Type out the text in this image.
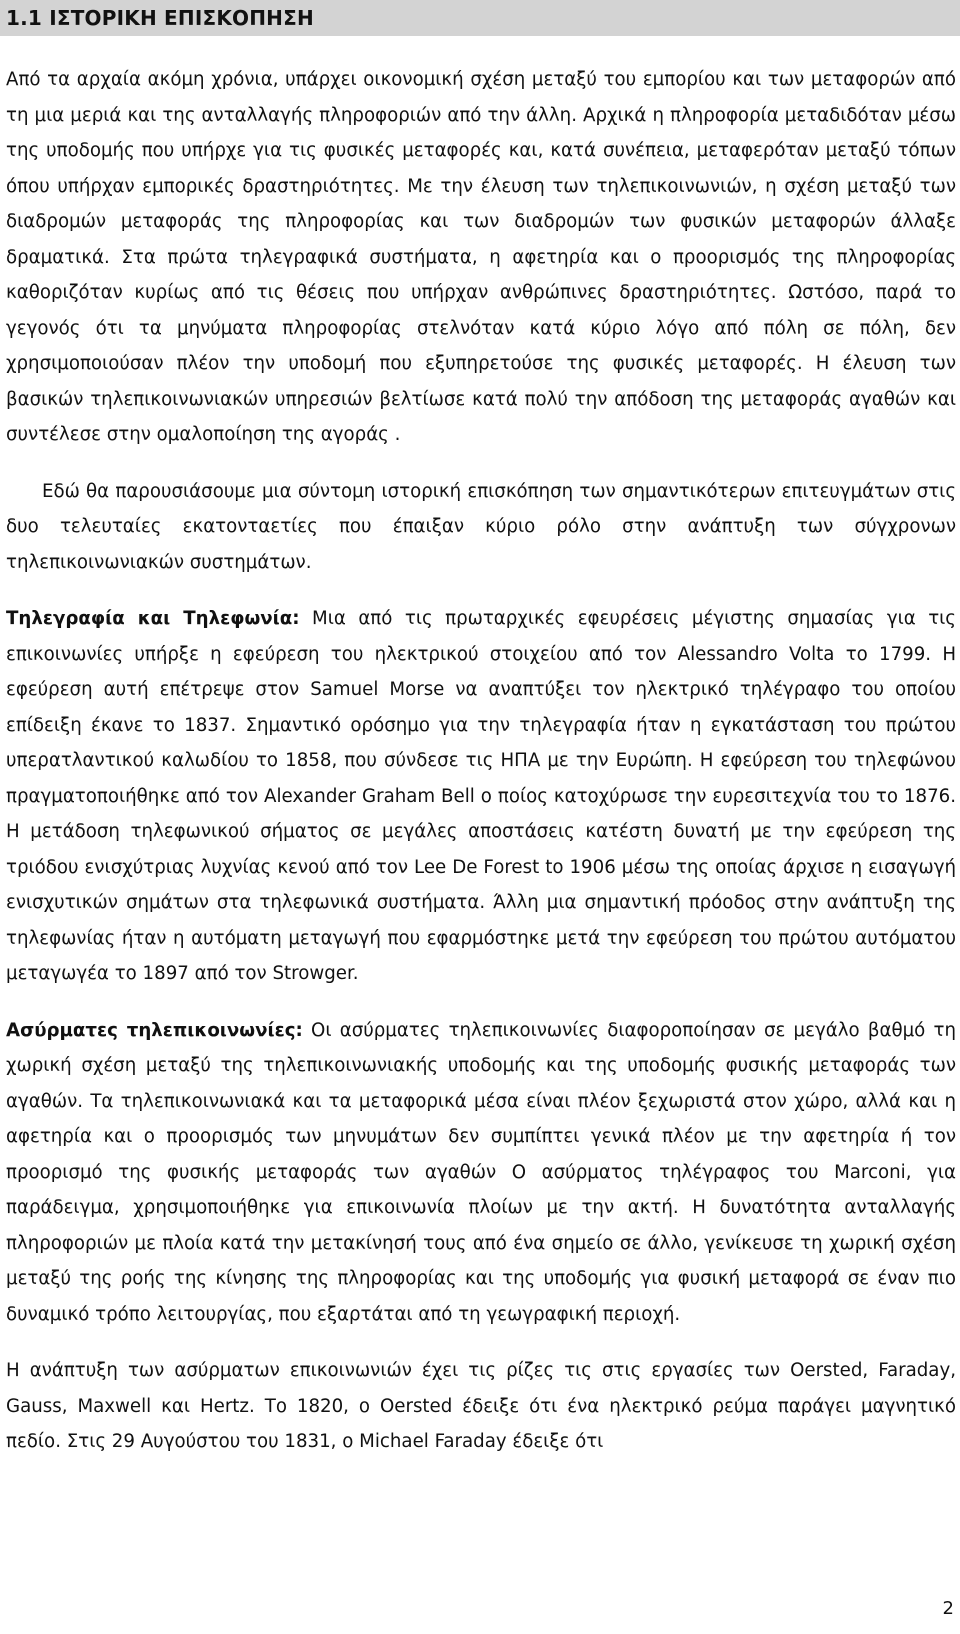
1.1 ΙΣΤΟΡΙΚΗ ΕΠΙΣΚΟΠΗΣΗ

Από τα αρχαία ακόμη χρόνια, υπάρχει οικονομική σχέση μεταξύ του εμπορίου και των μεταφορών από τη μια μεριά και της ανταλλαγής πληροφοριών από την άλλη. Αρχικά η πληροφορία μεταδιδόταν μέσω της υποδομής που υπήρχε για τις φυσικές μεταφορές και, κατά συνέπεια, μεταφερόταν μεταξύ τόπων όπου υπήρχαν εμπορικές δραστηριότητες. Με την έλευση των τηλεπικοινωνιών, η σχέση μεταξύ των διαδρομών μεταφοράς της πληροφορίας και των διαδρομών των φυσικών μεταφορών άλλαξε δραματικά. Στα πρώτα τηλεγραφικά συστήματα, η αφετηρία και ο προορισμός της πληροφορίας καθοριζόταν κυρίως από τις θέσεις που υπήρχαν ανθρώπινες δραστηριότητες. Ωστόσο, παρά το γεγονός ότι τα μηνύματα πληροφορίας στελνόταν κατά κύριο λόγο από πόλη σε πόλη, δεν χρησιμοποιούσαν πλέον την υποδομή που εξυπηρετούσε της φυσικές μεταφορές. Η έλευση των βασικών τηλεπικοινωνιακών υπηρεσιών βελτίωσε κατά πολύ την απόδοση της μεταφοράς αγαθών και συντέλεσε στην ομαλοποίηση της αγοράς .

Εδώ θα παρουσιάσουμε μια σύντομη ιστορική επισκόπηση των σημαντικότερων επιτευγμάτων στις δυο τελευταίες εκατονταετίες που έπαιξαν κύριο ρόλο στην ανάπτυξη των σύγχρονων τηλεπικοινωνιακών συστημάτων.

Τηλεγραφία και Τηλεφωνία: Μια από τις πρωταρχικές εφευρέσεις μέγιστης σημασίας για τις επικοινωνίες υπήρξε η εφεύρεση του ηλεκτρικού στοιχείου από τον Alessandro Volta το 1799. Η εφεύρεση αυτή επέτρεψε στον Samuel Morse να αναπτύξει τον ηλεκτρικό τηλέγραφο του οποίου επίδειξη έκανε το 1837. Σημαντικό ορόσημο για την τηλεγραφία ήταν η εγκατάσταση του πρώτου υπερατλαντικού καλωδίου το 1858, που σύνδεσε τις ΗΠΑ με την Ευρώπη. Η εφεύρεση του τηλεφώνου πραγματοποιήθηκε από τον Alexander Graham Bell ο ποίος κατοχύρωσε την ευρεσιτεχνία του το 1876. Η μετάδοση τηλεφωνικού σήματος σε μεγάλες αποστάσεις κατέστη δυνατή με την εφεύρεση της τριόδου ενισχύτριας λυχνίας κενού από τον Lee De Forest to 1906 μέσω της οποίας άρχισε η εισαγωγή ενισχυτικών σημάτων στα τηλεφωνικά συστήματα. Άλλη μια σημαντική πρόοδος στην ανάπτυξη της τηλεφωνίας ήταν η αυτόματη μεταγωγή που εφαρμόστηκε μετά την εφεύρεση του πρώτου αυτόματου μεταγωγέα το 1897 από τον Strowger.

Ασύρματες τηλεπικοινωνίες: Οι ασύρματες τηλεπικοινωνίες διαφοροποίησαν σε μεγάλο βαθμό τη χωρική σχέση μεταξύ της τηλεπικοινωνιακής υποδομής και της υποδομής φυσικής μεταφοράς των αγαθών. Τα τηλεπικοινωνιακά και τα μεταφορικά μέσα είναι πλέον ξεχωριστά στον χώρο, αλλά και η αφετηρία και ο προορισμός των μηνυμάτων δεν συμπίπτει γενικά πλέον με την αφετηρία ή τον προορισμό της φυσικής μεταφοράς των αγαθών Ο ασύρματος τηλέγραφος του Marconi, για παράδειγμα, χρησιμοποιήθηκε για επικοινωνία πλοίων με την ακτή. Η δυνατότητα ανταλλαγής πληροφοριών με πλοία κατά την μετακίνησή τους από ένα σημείο σε άλλο, γενίκευσε τη χωρική σχέση μεταξύ της ροής της κίνησης της πληροφορίας και της υποδομής για φυσική μεταφορά σε έναν πιο δυναμικό τρόπο λειτουργίας, που εξαρτάται από τη γεωγραφική περιοχή.

Η ανάπτυξη των ασύρματων επικοινωνιών έχει τις ρίζες τις στις εργασίες των Oersted, Faraday, Gauss, Maxwell και Hertz. Το 1820, ο Oersted έδειξε ότι ένα ηλεκτρικό ρεύμα παράγει μαγνητικό πεδίο. Στις 29 Αυγούστου του 1831, ο Michael Faraday έδειξε ότι

2
